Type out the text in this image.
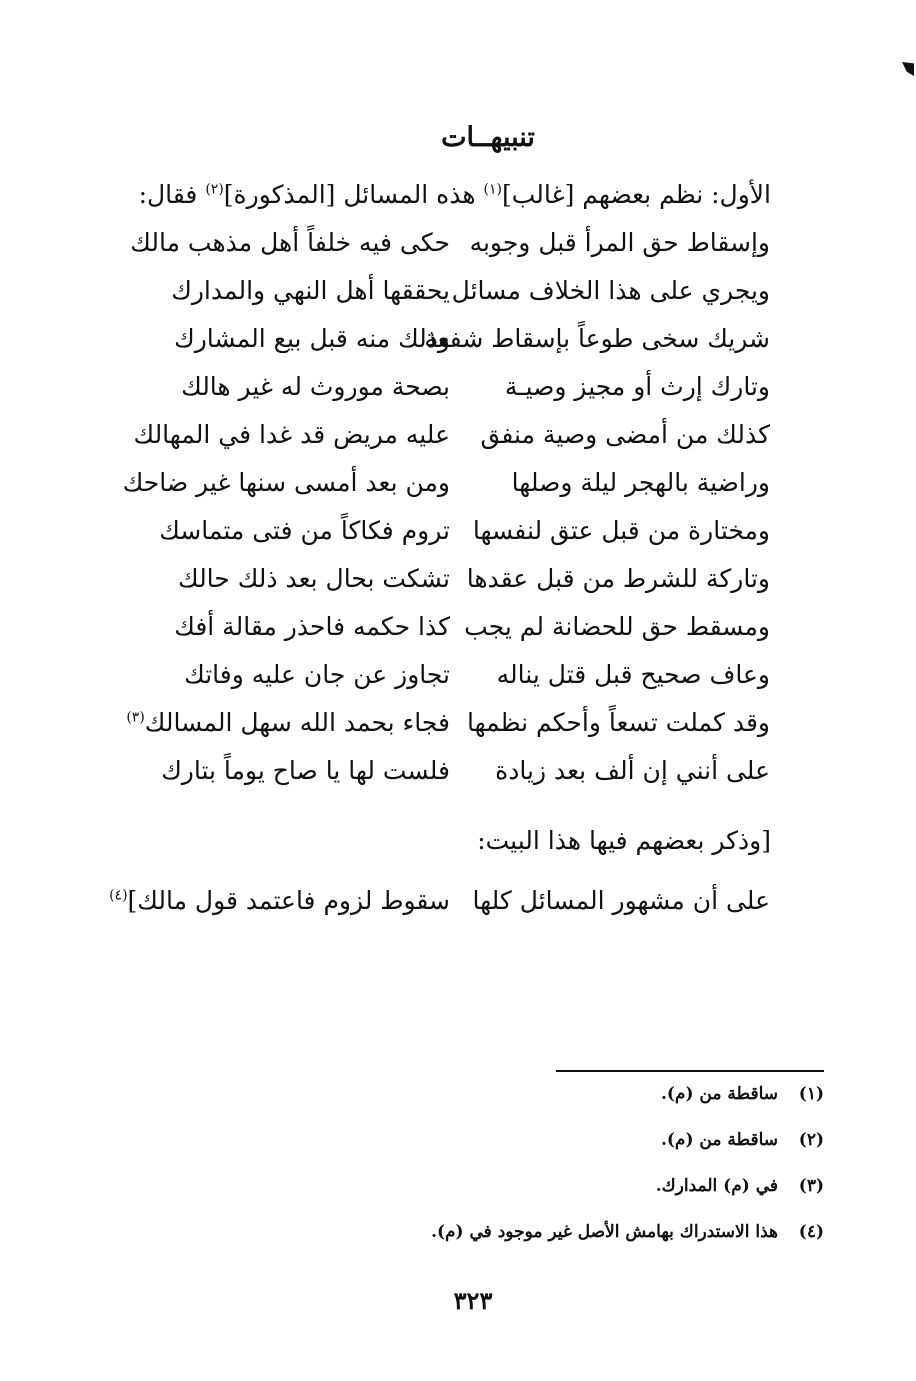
تنبيهــات
الأول: نظم بعضهم [غالب]$^{(١)}$ هذه المسائل [المذكورة]$^{(٢)}$ فقال:
وإسقاط حق المرأ قبل وجوبه
حكى فيه خلفاً أهل مذهب مالك
ويجري على هذا الخلاف مسائل
يحققها أهل النهي والمدارك
شريك سخى طوعاً بإسقاط شفعة
وذلك منه قبل بيع المشارك
وتارك إرث أو مجيز وصيـة
بصحة موروث له غير هالك
كذلك من أمضى وصية منفق
عليه مريض قد غدا في المهالك
وراضية بالهجر ليلة وصلها
ومن بعد أمسى سنها غير ضاحك
ومختارة من قبل عتق لنفسها
تروم فكاكاً من فتى متماسك
وتاركة للشرط من قبل عقدها
تشكت بحال بعد ذلك حالك
ومسقط حق للحضانة لم يجب
كذا حكمه فاحذر مقالة أفك
وعاف صحيح قبل قتل يناله
تجاوز عن جان عليه وفاتك
وقد كملت تسعاً وأحكم نظمها
فجاء بحمد الله سهل المسالك$^{(٣)}$
على أنني إن ألف بعد زيادة
فلست لها يا صاح يوماً بتارك
[وذكر بعضهم فيها هذا البيت:
على أن مشهور المسائل كلها
سقوط لزوم فاعتمد قول مالك]$^{(٤)}$
(١)ساقطة من (م).
(٢)ساقطة من (م).
(٣)في (م) المدارك.
(٤)هذا الاستدراك بهامش الأصل غير موجود في (م).
٣٢٣
